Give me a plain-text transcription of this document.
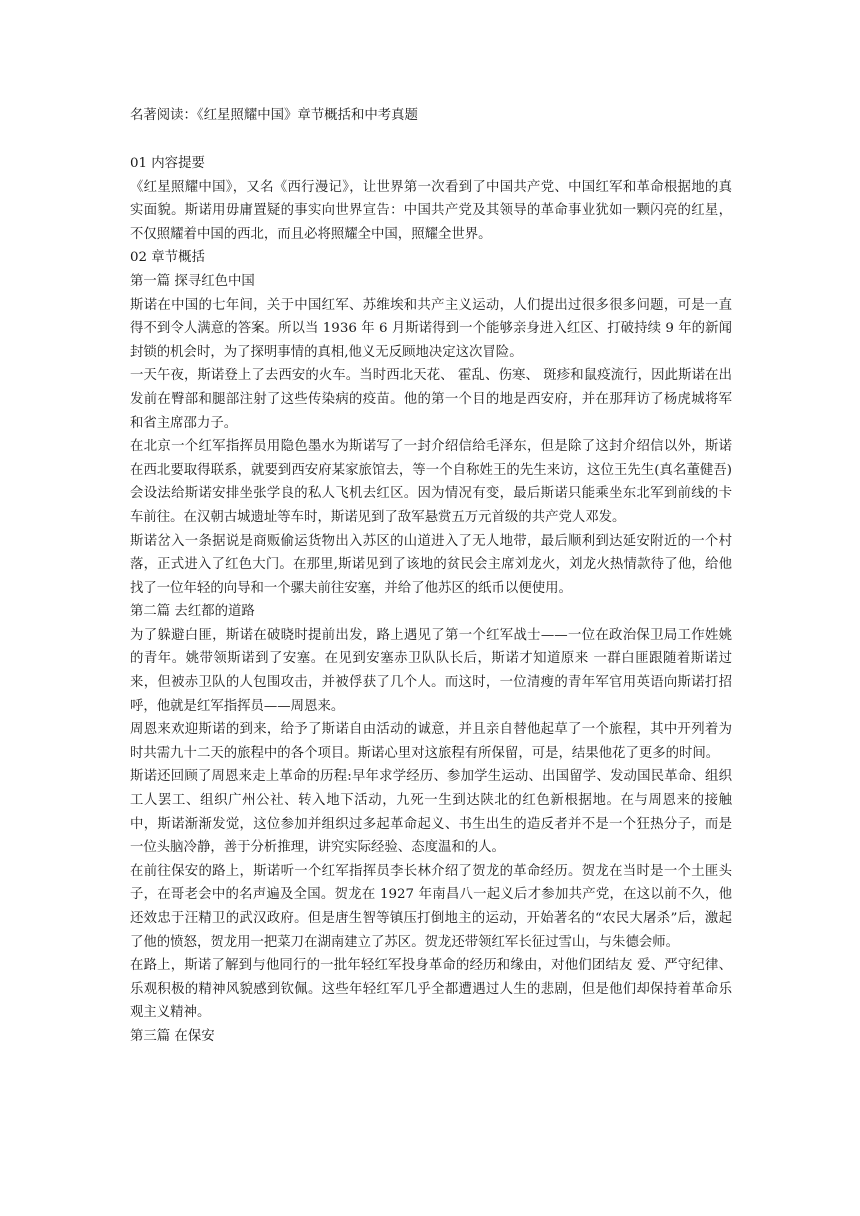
名著阅读：《红星照耀中国》章节概括和中考真题

01 内容提要

《红星照耀中国》，又名《西行漫记》，让世界第一次看到了中国共产党、中国红军和革命根据地的真实面貌。斯诺用毋庸置疑的事实向世界宣告：中国共产党及其领导的革命事业犹如一颗闪亮的红星，不仅照耀着中国的西北，而且必将照耀全中国，照耀全世界。

02 章节概括

第一篇 探寻红色中国

斯诺在中国的七年间，关于中国红军、苏维埃和共产主义运动，人们提出过很多很多问题，可是一直得不到令人满意的答案。所以当 1936 年 6 月斯诺得到一个能够亲身进入红区、打破持续 9 年的新闻封锁的机会时，为了探明事情的真相,他义无反顾地决定这次冒险。

一天午夜，斯诺登上了去西安的火车。当时西北天花、 霍乱、伤寒、 斑疹和鼠疫流行，因此斯诺在出发前在臀部和腿部注射了这些传染病的疫苗。他的第一个目的地是西安府，并在那拜访了杨虎城将军和省主席邵力子。

在北京一个红军指挥员用隐色墨水为斯诺写了一封介绍信给毛泽东，但是除了这封介绍信以外，斯诺在西北要取得联系，就要到西安府某家旅馆去，等一个自称姓王的先生来访，这位王先生(真名董健吾)会设法给斯诺安排坐张学良的私人飞机去红区。因为情况有变，最后斯诺只能乘坐东北军到前线的卡车前往。在汉朝古城遗址等车时，斯诺见到了敌军悬赏五万元首级的共产党人邓发。

斯诺岔入一条据说是商贩偷运货物出入苏区的山道进入了无人地带，最后顺利到达延安附近的一个村落，正式进入了红色大门。在那里,斯诺见到了该地的贫民会主席刘龙火，刘龙火热情款待了他，给他找了一位年轻的向导和一个骡夫前往安塞，并给了他苏区的纸币以便使用。

第二篇 去红都的道路

为了躲避白匪，斯诺在破晓时提前出发，路上遇见了第一个红军战士——一位在政治保卫局工作姓姚的青年。姚带领斯诺到了安塞。在见到安塞赤卫队队长后，斯诺才知道原来 一群白匪跟随着斯诺过来，但被赤卫队的人包围攻击，并被俘获了几个人。而这时，一位清瘦的青年军官用英语向斯诺打招呼，他就是红军指挥员——周恩来。

周恩来欢迎斯诺的到来，给予了斯诺自由活动的诚意，并且亲自替他起草了一个旅程，其中开列着为时共需九十二天的旅程中的各个项目。斯诺心里对这旅程有所保留，可是，结果他花了更多的时间。

斯诺还回顾了周恩来走上革命的历程:早年求学经历、参加学生运动、出国留学、发动国民革命、组织工人罢工、组织广州公社、转入地下活动，九死一生到达陕北的红色新根据地。在与周恩来的接触中，斯诺渐渐发觉，这位参加并组织过多起革命起义、书生出生的造反者并不是一个狂热分子，而是一位头脑冷静，善于分析推理，讲究实际经验、态度温和的人。

在前往保安的路上，斯诺听一个红军指挥员李长林介绍了贺龙的革命经历。贺龙在当时是一个土匪头子，在哥老会中的名声遍及全国。贺龙在 1927 年南昌八一起义后才参加共产党，在这以前不久，他还效忠于汪精卫的武汉政府。但是唐生智等镇压打倒地主的运动，开始著名的“农民大屠杀”后，激起了他的愤怒，贺龙用一把菜刀在湖南建立了苏区。贺龙还带领红军长征过雪山，与朱德会师。

在路上，斯诺了解到与他同行的一批年轻红军投身革命的经历和缘由，对他们团结友 爱、严守纪律、乐观积极的精神风貌感到钦佩。这些年轻红军几乎全都遭遇过人生的悲剧，但是他们却保持着革命乐观主义精神。

第三篇 在保安
